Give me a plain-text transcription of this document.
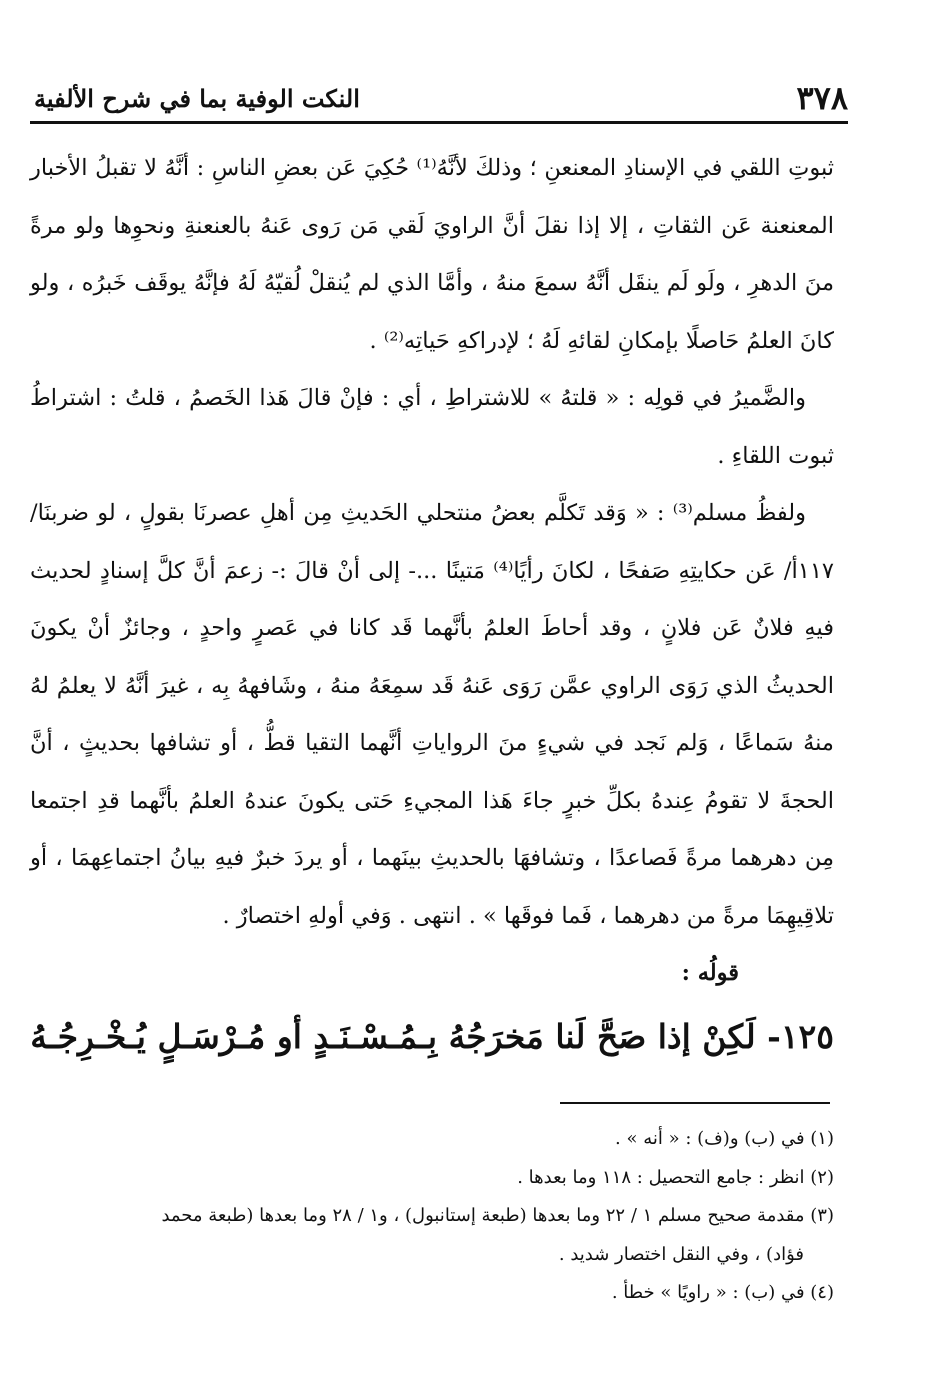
٣٧٨
النكت الوفية بما في شرح الألفية

ثبوتِ اللقي في الإسنادِ المعنعنِ ؛ وذلكَ لأنَّهُ⁽¹⁾ حُكِيَ عَن بعضِ الناسِ : أنَّهُ لا تقبلُ الأخبار المعنعنة عَن الثقاتِ ، إلا إذا نقلَ أنَّ الراويَ لَقي مَن رَوى عَنهُ بالعنعنةِ ونحوِها ولو مرةً منَ الدهرِ ، ولَو لَم ينقَل أنَّهُ سمعَ منهُ ، وأمَّا الذي لم يُنقلْ لُقيّهُ لَهُ فإنَّهُ يوقَف خَبرُه ، ولو كانَ العلمُ حَاصلًا بإمكانِ لقائهِ لَهُ ؛ لإدراكهِ حَياتِه⁽²⁾ .

والضَّميرُ في قولِه : « قلتهُ » للاشتراطِ ، أي : فإنْ قالَ هَذا الخَصمُ ، قلتُ : اشتراطُ ثبوت اللقاءِ .

ولفظُ مسلم⁽³⁾ : « وَقد تَكلَّم بعضُ منتحلي الحَديثِ مِن أهلِ عصرنَا بقولٍ ، لو ضربنَا/١١٧أ/ عَن حكايتِهِ صَفحًا ، لكانَ رأيًا⁽⁴⁾ مَتينًا ...- إلى أنْ قالَ :- زعمَ أنَّ كلَّ إسنادٍ لحديث فيهِ فلانٌ عَن فلانٍ ، وقد أحاطَ العلمُ بأنَّهما قَد كانا في عَصرٍ واحدٍ ، وجائزٌ أنْ يكونَ الحديثُ الذي رَوَى الراوي عمَّن رَوَى عَنهُ قَد سمِعَهُ منهُ ، وشَافههُ بِه ، غيرَ أنَّهُ لا يعلمُ لهُ منهُ سَماعًا ، وَلم نَجد في شيءٍ منَ الرواياتِ أنَّهما التقيا قطُّ ، أو تشافها بحديثٍ ، أنَّ الحجةَ لا تقومُ عِندهُ بكلِّ خبرٍ جاءَ هَذا المجيءِ حَتى يكونَ عندهُ العلمُ بأنَّهما قدِ اجتمعا مِن دهرهما مرةً فَصاعدًا ، وتشافهَا بالحديثِ بينَهما ، أو يردَ خبرٌ فيهِ بيانُ اجتماعِهمَا ، أو تلاقِيهِمَا مرةً من دهرهما ، فَما فوقَها » . انتهى . وَفي أولهِ اختصارٌ .

قولُه :

١٢٥- لَكِنْ إذا صَحَّ لَنا مَخرَجُهُ بِـمُـسْـنَـدٍ أو مُـرْسَـلٍ يُـخْـرِجُـهُ

(١) في (ب) و(ف) : « أنه » .

(٢) انظر : جامع التحصيل : ١١٨ وما بعدها .

(٣) مقدمة صحيح مسلم ١ / ٢٢ وما بعدها (طبعة إستانبول) ، و١ / ٢٨ وما بعدها (طبعة محمد

فؤاد) ، وفي النقل اختصار شديد .

(٤) في (ب) : « راويًا » خطأ .
